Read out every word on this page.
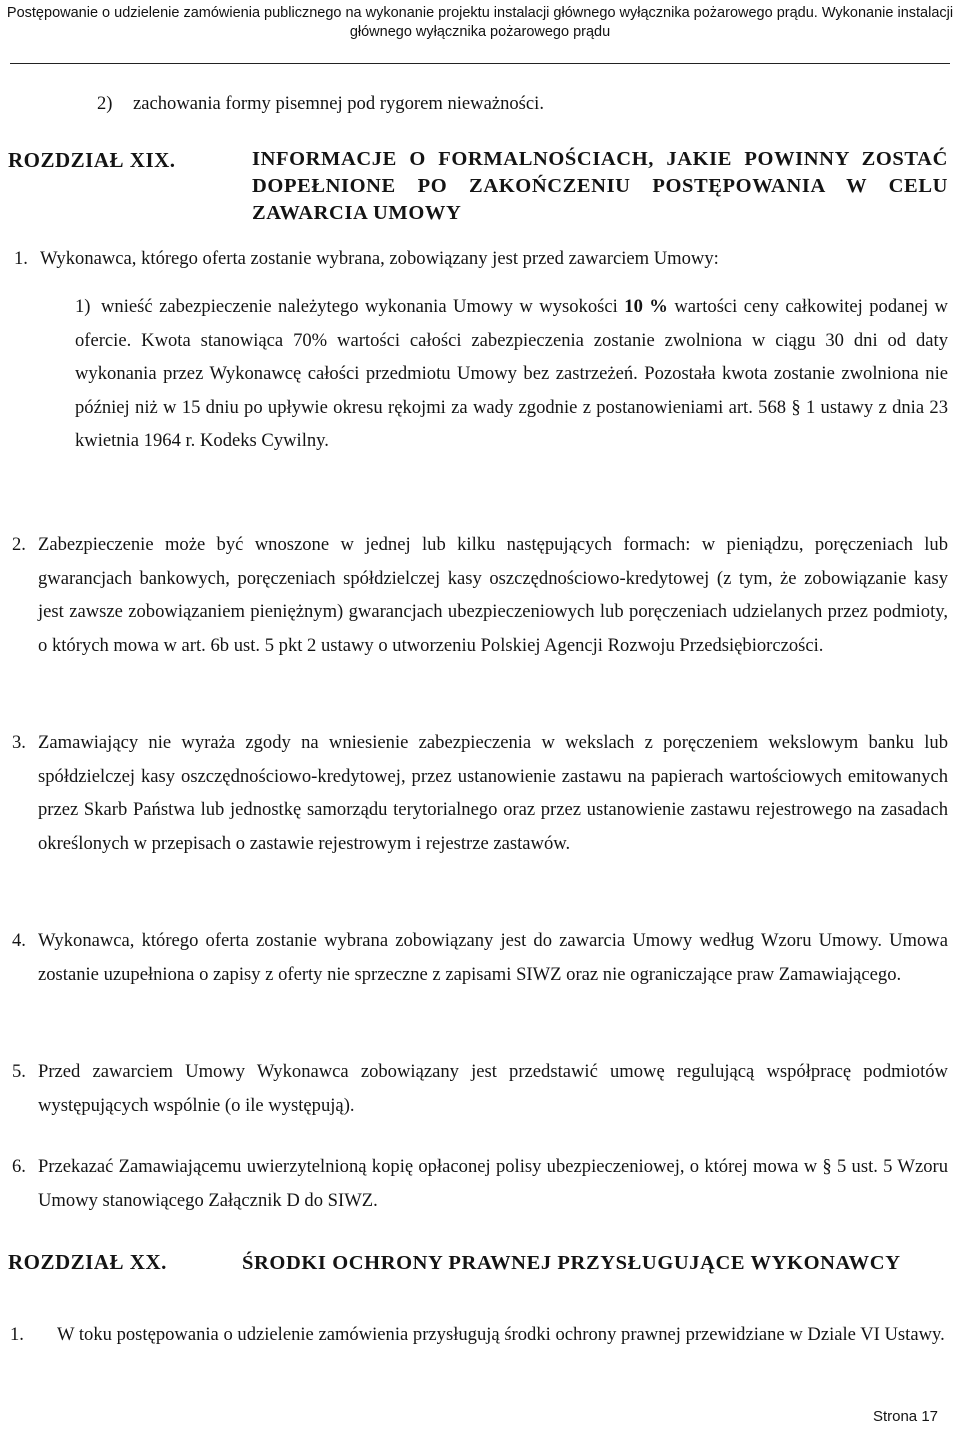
Postępowanie o udzielenie zamówienia publicznego na wykonanie projektu instalacji głównego wyłącznika pożarowego prądu. Wykonanie instalacji głównego wyłącznika pożarowego prądu
2) zachowania formy pisemnej pod rygorem nieważności.
ROZDZIAŁ XIX.	INFORMACJE O FORMALNOŚCIACH, JAKIE POWINNY ZOSTAĆ DOPEŁNIONE PO ZAKOŃCZENIU POSTĘPOWANIA W CELU ZAWARCIA UMOWY
1. Wykonawca, którego oferta zostanie wybrana, zobowiązany jest przed zawarciem Umowy:
1) wnieść zabezpieczenie należytego wykonania Umowy w wysokości 10 % wartości ceny całkowitej podanej w ofercie. Kwota stanowiąca 70% wartości całości zabezpieczenia zostanie zwolniona w ciągu 30 dni od daty wykonania przez Wykonawcę całości przedmiotu Umowy bez zastrzeżeń. Pozostała kwota zostanie zwolniona nie później niż w 15 dniu po upływie okresu rękojmi za wady zgodnie z postanowieniami art. 568 § 1 ustawy z dnia 23 kwietnia 1964 r. Kodeks Cywilny.
2. Zabezpieczenie może być wnoszone w jednej lub kilku następujących formach: w pieniądzu, poręczeniach lub gwarancjach bankowych, poręczeniach spółdzielczej kasy oszczędnościowo-kredytowej (z tym, że zobowiązanie kasy jest zawsze zobowiązaniem pieniężnym) gwarancjach ubezpieczeniowych lub poręczeniach udzielanych przez podmioty, o których mowa w art. 6b ust. 5 pkt 2 ustawy o utworzeniu Polskiej Agencji Rozwoju Przedsiębiorczości.
3. Zamawiający nie wyraża zgody na wniesienie zabezpieczenia w wekslach z poręczeniem wekslowym banku lub spółdzielczej kasy oszczędnościowo-kredytowej, przez ustanowienie zastawu na papierach wartościowych emitowanych przez Skarb Państwa lub jednostkę samorządu terytorialnego oraz przez ustanowienie zastawu rejestrowego na zasadach określonych w przepisach o zastawie rejestrowym i rejestrze zastawów.
4. Wykonawca, którego oferta zostanie wybrana zobowiązany jest do zawarcia Umowy według Wzoru Umowy. Umowa zostanie uzupełniona o zapisy z oferty nie sprzeczne z zapisami SIWZ oraz nie ograniczające praw Zamawiającego.
5. Przed zawarciem Umowy Wykonawca zobowiązany jest przedstawić umowę regulującą współpracę podmiotów występujących wspólnie (o ile występują).
6. Przekazać Zamawiającemu uwierzytelnioną kopię opłaconej polisy ubezpieczeniowej, o której mowa w § 5 ust. 5 Wzoru Umowy stanowiącego Załącznik D do SIWZ.
ROZDZIAŁ XX.	ŚRODKI OCHRONY PRAWNEJ PRZYSŁUGUJĄCE WYKONAWCY
1. W toku postępowania o udzielenie zamówienia przysługują środki ochrony prawnej przewidziane w Dziale VI Ustawy.
Strona 17
